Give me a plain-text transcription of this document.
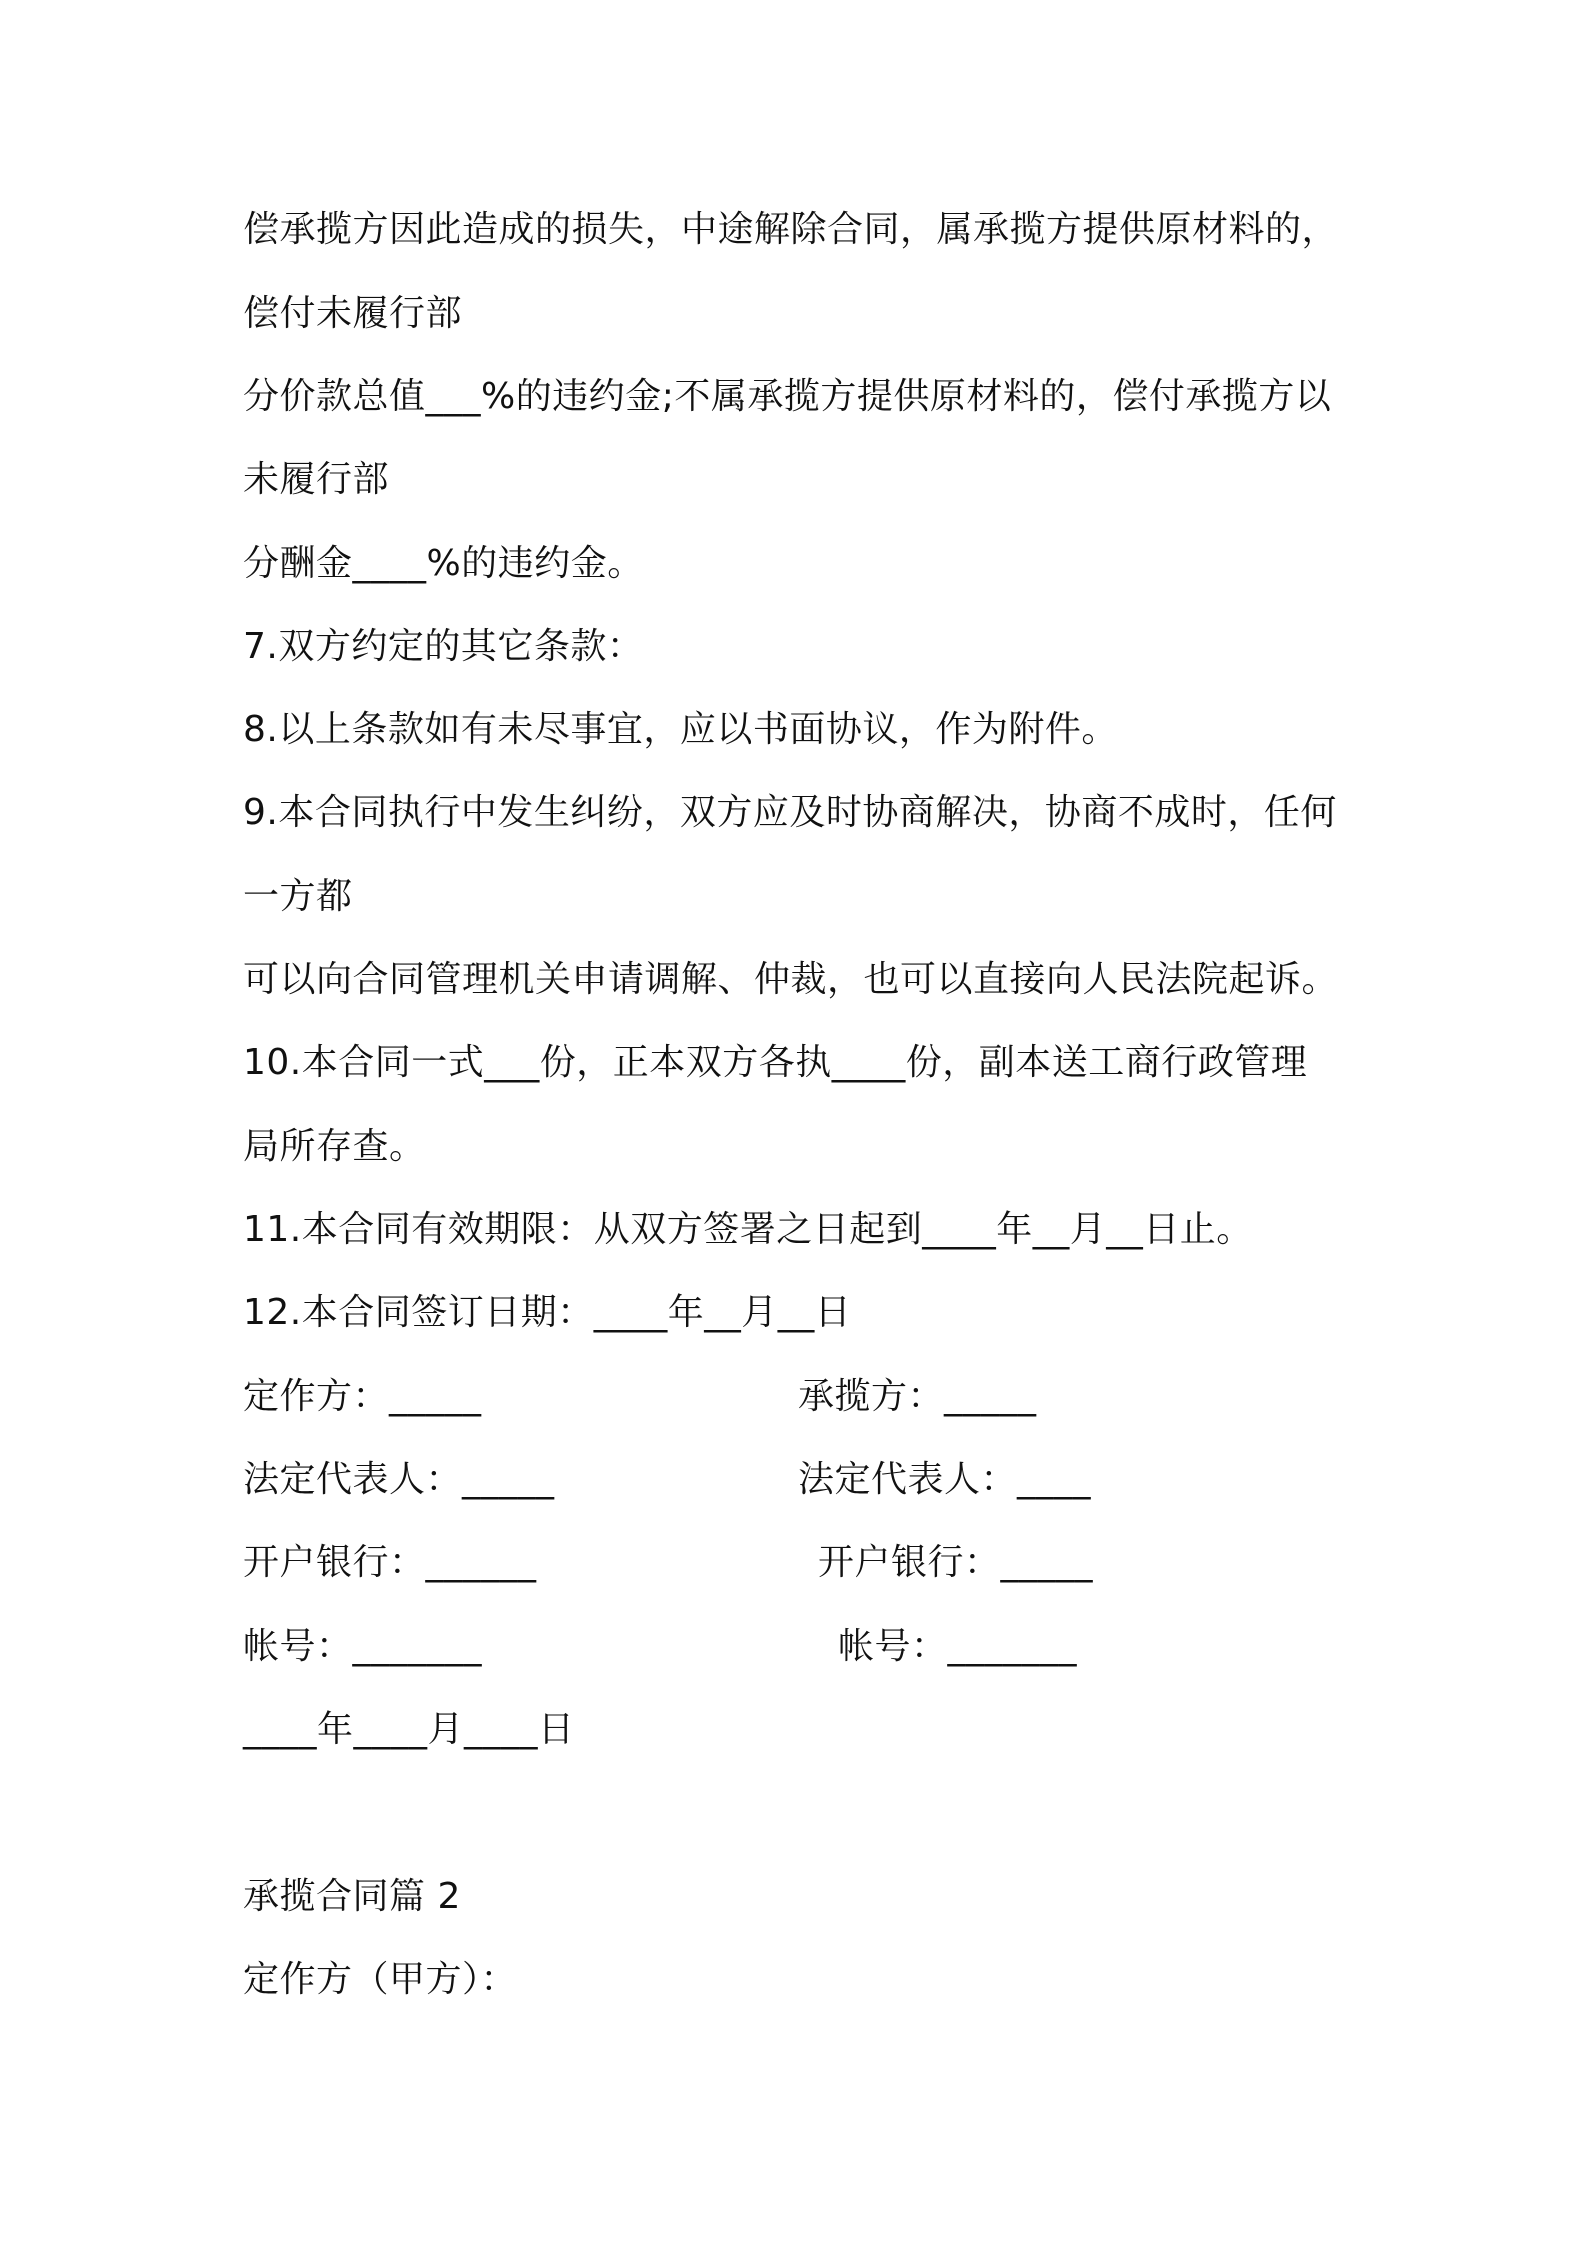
偿承揽方因此造成的损失，中途解除合同，属承揽方提供原材料的，
偿付未履行部
分价款总值___%的违约金;不属承揽方提供原材料的，偿付承揽方以
未履行部
分酬金____%的违约金。
7.双方约定的其它条款：
8.以上条款如有未尽事宜，应以书面协议，作为附件。
9.本合同执行中发生纠纷，双方应及时协商解决，协商不成时，任何
一方都
可以向合同管理机关申请调解、仲裁，也可以直接向人民法院起诉。
10.本合同一式___份，正本双方各执____份，副本送工商行政管理
局所存查。
11.本合同有效期限：从双方签署之日起到____年__月__日止。
12.本合同签订日期：____年__月__日
定作方：_____	承揽方：_____
法定代表人：_____	法定代表人：____
开户银行：______	开户银行：_____
帐号：_______	帐号：_______
____年____月____日
承揽合同篇 2
定作方（甲方）：
